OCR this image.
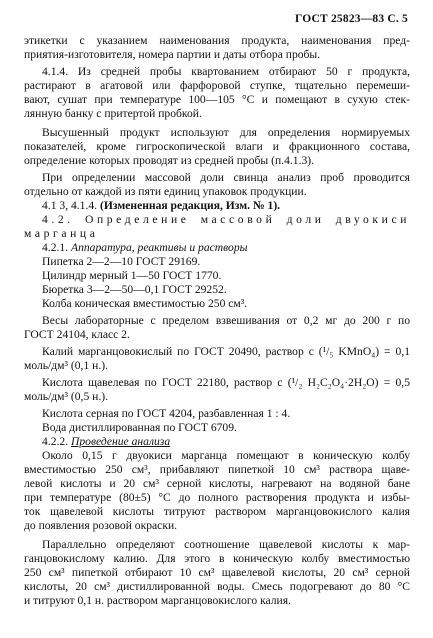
ГОСТ 25823—83 С. 5
этикетки с указанием наименования продукта, наименования пред-
приятия-изготовителя, номера партии и даты отбора пробы.
4.1.4. Из средней пробы квартованием отбирают 50 г продукта,
растирают в агатовой или фарфоровой ступке, тщательно перемеши-
вают, сушат при температуре 100—105 °С и помещают в сухую стек-
лянную банку с притертой пробкой.
Высушенный продукт используют для определения нормируемых
показателей, кроме гигроскопической влаги и фракционного состава,
определение которых проводят из средней пробы (п.4.1.3).
При определении массовой доли свинца анализ проб проводится
отдельно от каждой из пяти единиц упаковок продукции.
4.1 3, 4.1.4. (Измененная редакция, Изм. № 1).
4.2. Определение массовой доли двуокиси
марганца
4.2.1. Аппаратура, реактивы и растворы
Пипетка 2—2—10 ГОСТ 29169.
Цилиндр мерный 1—50 ГОСТ 1770.
Бюретка 3—2—50—0,1 ГОСТ 29252.
Колба коническая вместимостью 250 см³.
Весы лабораторные с пределом взвешивания от 0,2 мг до 200 г по
ГОСТ 24104, класс 2.
Калий марганцовокислый по ГОСТ 20490, раствор c (¹/₅ KMnO₄) = 0,1
моль/дм³ (0,1 н.).
Кислота щавелевая по ГОСТ 22180, раствор c (¹/₂ H₂C₂O₄·2H₂O) = 0,5
моль/дм³ (0,5 н.).
Кислота серная по ГОСТ 4204, разбавленная 1 : 4.
Вода дистиллированная по ГОСТ 6709.
4.2.2. Проведение анализа
Около 0,15 г двуокиси марганца помещают в коническую колбу
вместимостью 250 см³, прибавляют пипеткой 10 см³ раствора щаве-
левой кислоты и 20 см³ серной кислоты, нагревают на водяной бане
при температуре (80±5) °С до полного растворения продукта и избы-
ток щавелевой кислоты титруют раствором марганцовокислого калия
до появления розовой окраски.
Параллельно определяют соотношение щавелевой кислоты к мар-
ганцовокислому калию. Для этого в коническую колбу вместимостью
250 см³ пипеткой отбирают 10 см³ щавелевой кислоты, 20 см³ серной
кислоты, 20 см³ дистиллированной воды. Смесь подогревают до 80 °С
и титруют 0,1 н. раствором марганцовокислого калия.
